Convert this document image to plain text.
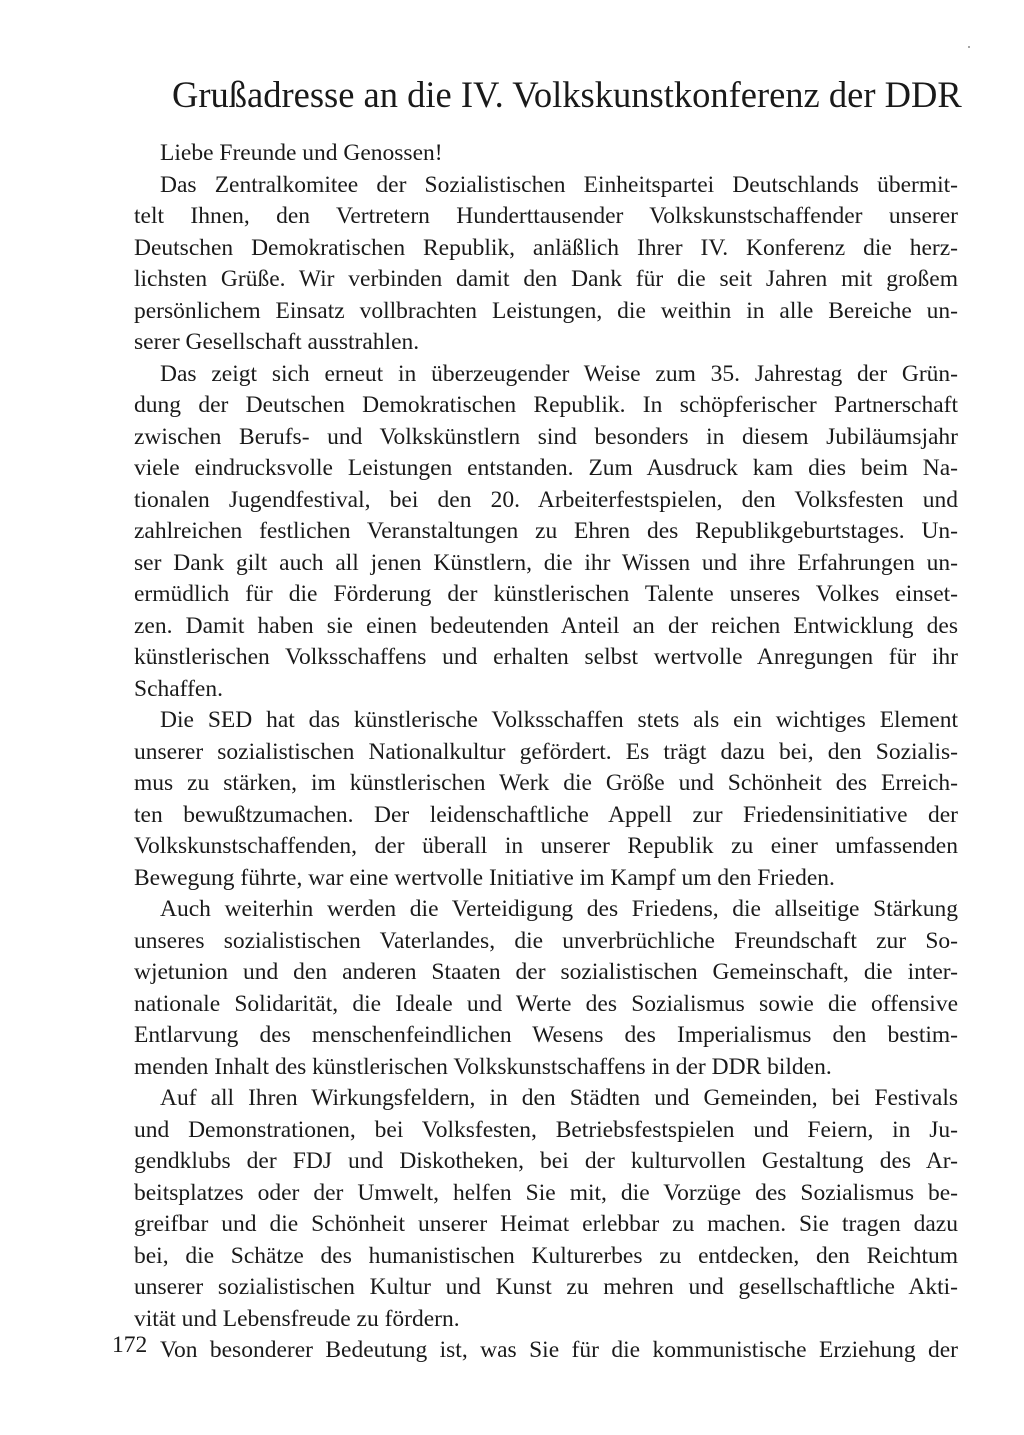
Grußadresse an die IV. Volkskunstkonferenz der DDR
Liebe Freunde und Genossen!
Das Zentralkomitee der Sozialistischen Einheitspartei Deutschlands übermit-
telt Ihnen, den Vertretern Hunderttausender Volkskunstschaffender unserer
Deutschen Demokratischen Republik, anläßlich Ihrer IV. Konferenz die herz-
lichsten Grüße. Wir verbinden damit den Dank für die seit Jahren mit großem
persönlichem Einsatz vollbrachten Leistungen, die weithin in alle Bereiche un-
serer Gesellschaft ausstrahlen.
Das zeigt sich erneut in überzeugender Weise zum 35. Jahrestag der Grün-
dung der Deutschen Demokratischen Republik. In schöpferischer Partnerschaft
zwischen Berufs- und Volkskünstlern sind besonders in diesem Jubiläumsjahr
viele eindrucksvolle Leistungen entstanden. Zum Ausdruck kam dies beim Na-
tionalen Jugendfestival, bei den 20. Arbeiterfestspielen, den Volksfesten und
zahlreichen festlichen Veranstaltungen zu Ehren des Republikgeburtstages. Un-
ser Dank gilt auch all jenen Künstlern, die ihr Wissen und ihre Erfahrungen un-
ermüdlich für die Förderung der künstlerischen Talente unseres Volkes einset-
zen. Damit haben sie einen bedeutenden Anteil an der reichen Entwicklung des
künstlerischen Volksschaffens und erhalten selbst wertvolle Anregungen für ihr
Schaffen.
Die SED hat das künstlerische Volksschaffen stets als ein wichtiges Element
unserer sozialistischen Nationalkultur gefördert. Es trägt dazu bei, den Sozialis-
mus zu stärken, im künstlerischen Werk die Größe und Schönheit des Erreich-
ten bewußtzumachen. Der leidenschaftliche Appell zur Friedensinitiative der
Volkskunstschaffenden, der überall in unserer Republik zu einer umfassenden
Bewegung führte, war eine wertvolle Initiative im Kampf um den Frieden.
Auch weiterhin werden die Verteidigung des Friedens, die allseitige Stärkung
unseres sozialistischen Vaterlandes, die unverbrüchliche Freundschaft zur So-
wjetunion und den anderen Staaten der sozialistischen Gemeinschaft, die inter-
nationale Solidarität, die Ideale und Werte des Sozialismus sowie die offensive
Entlarvung des menschenfeindlichen Wesens des Imperialismus den bestim-
menden Inhalt des künstlerischen Volkskunstschaffens in der DDR bilden.
Auf all Ihren Wirkungsfeldern, in den Städten und Gemeinden, bei Festivals
und Demonstrationen, bei Volksfesten, Betriebsfestspielen und Feiern, in Ju-
gendklubs der FDJ und Diskotheken, bei der kulturvollen Gestaltung des Ar-
beitsplatzes oder der Umwelt, helfen Sie mit, die Vorzüge des Sozialismus be-
greifbar und die Schönheit unserer Heimat erlebbar zu machen. Sie tragen dazu
bei, die Schätze des humanistischen Kulturerbes zu entdecken, den Reichtum
unserer sozialistischen Kultur und Kunst zu mehren und gesellschaftliche Akti-
vität und Lebensfreude zu fördern.
Von besonderer Bedeutung ist, was Sie für die kommunistische Erziehung der
172
